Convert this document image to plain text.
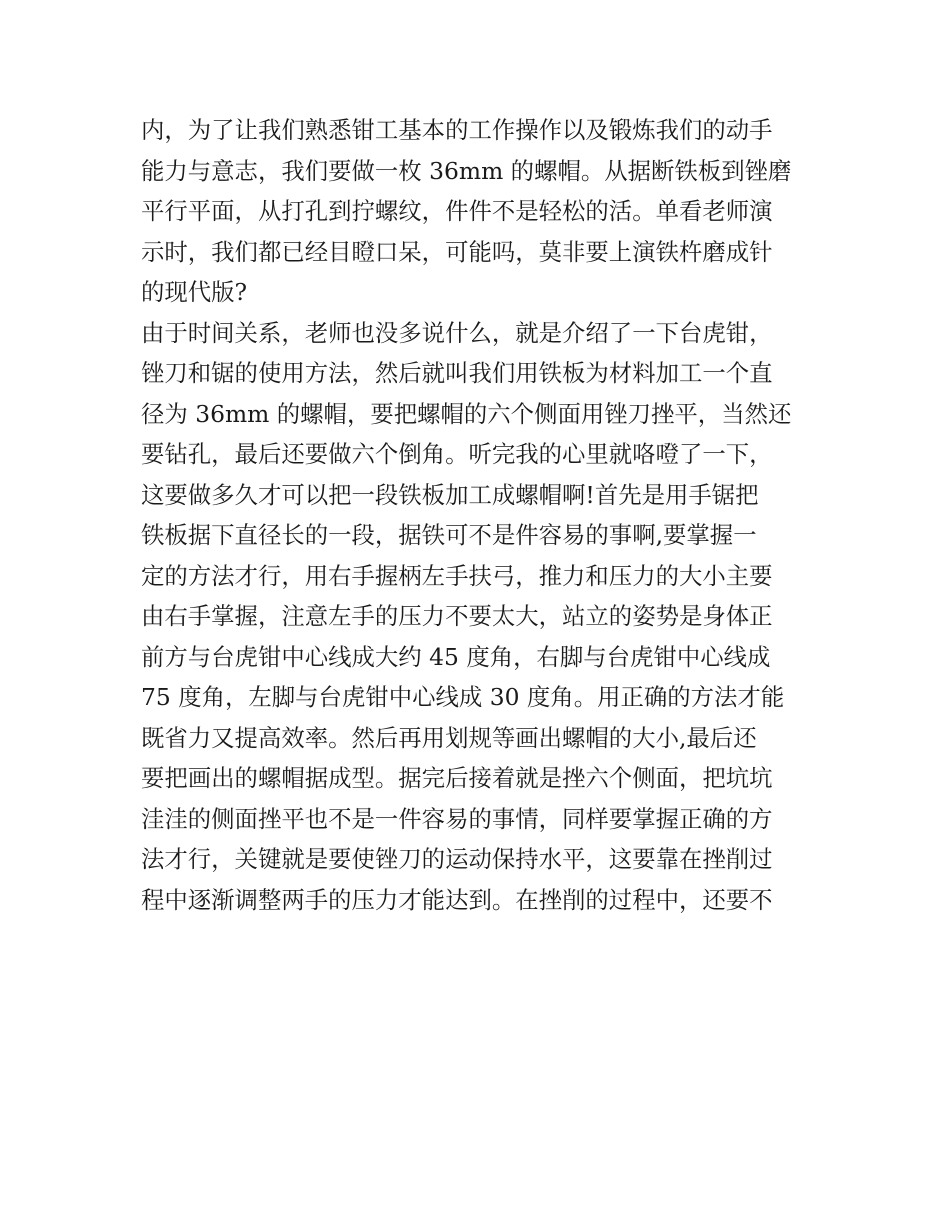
内，为了让我们熟悉钳工基本的工作操作以及锻炼我们的动手
能力与意志，我们要做一枚 36mm 的螺帽。从据断铁板到锉磨
平行平面，从打孔到拧螺纹，件件不是轻松的活。单看老师演
示时，我们都已经目瞪口呆，可能吗，莫非要上演铁杵磨成针
的现代版?
由于时间关系，老师也没多说什么，就是介绍了一下台虎钳，
锉刀和锯的使用方法，然后就叫我们用铁板为材料加工一个直
径为 36mm 的螺帽，要把螺帽的六个侧面用锉刀挫平，当然还
要钻孔，最后还要做六个倒角。听完我的心里就咯噔了一下，
这要做多久才可以把一段铁板加工成螺帽啊!首先是用手锯把
铁板据下直径长的一段，据铁可不是件容易的事啊,要掌握一
定的方法才行，用右手握柄左手扶弓，推力和压力的大小主要
由右手掌握，注意左手的压力不要太大，站立的姿势是身体正
前方与台虎钳中心线成大约 45 度角，右脚与台虎钳中心线成
75 度角，左脚与台虎钳中心线成 30 度角。用正确的方法才能
既省力又提高效率。然后再用划规等画出螺帽的大小,最后还
要把画出的螺帽据成型。据完后接着就是挫六个侧面，把坑坑
洼洼的侧面挫平也不是一件容易的事情，同样要掌握正确的方
法才行，关键就是要使锉刀的运动保持水平，这要靠在挫削过
程中逐渐调整两手的压力才能达到。在挫削的过程中，还要不
